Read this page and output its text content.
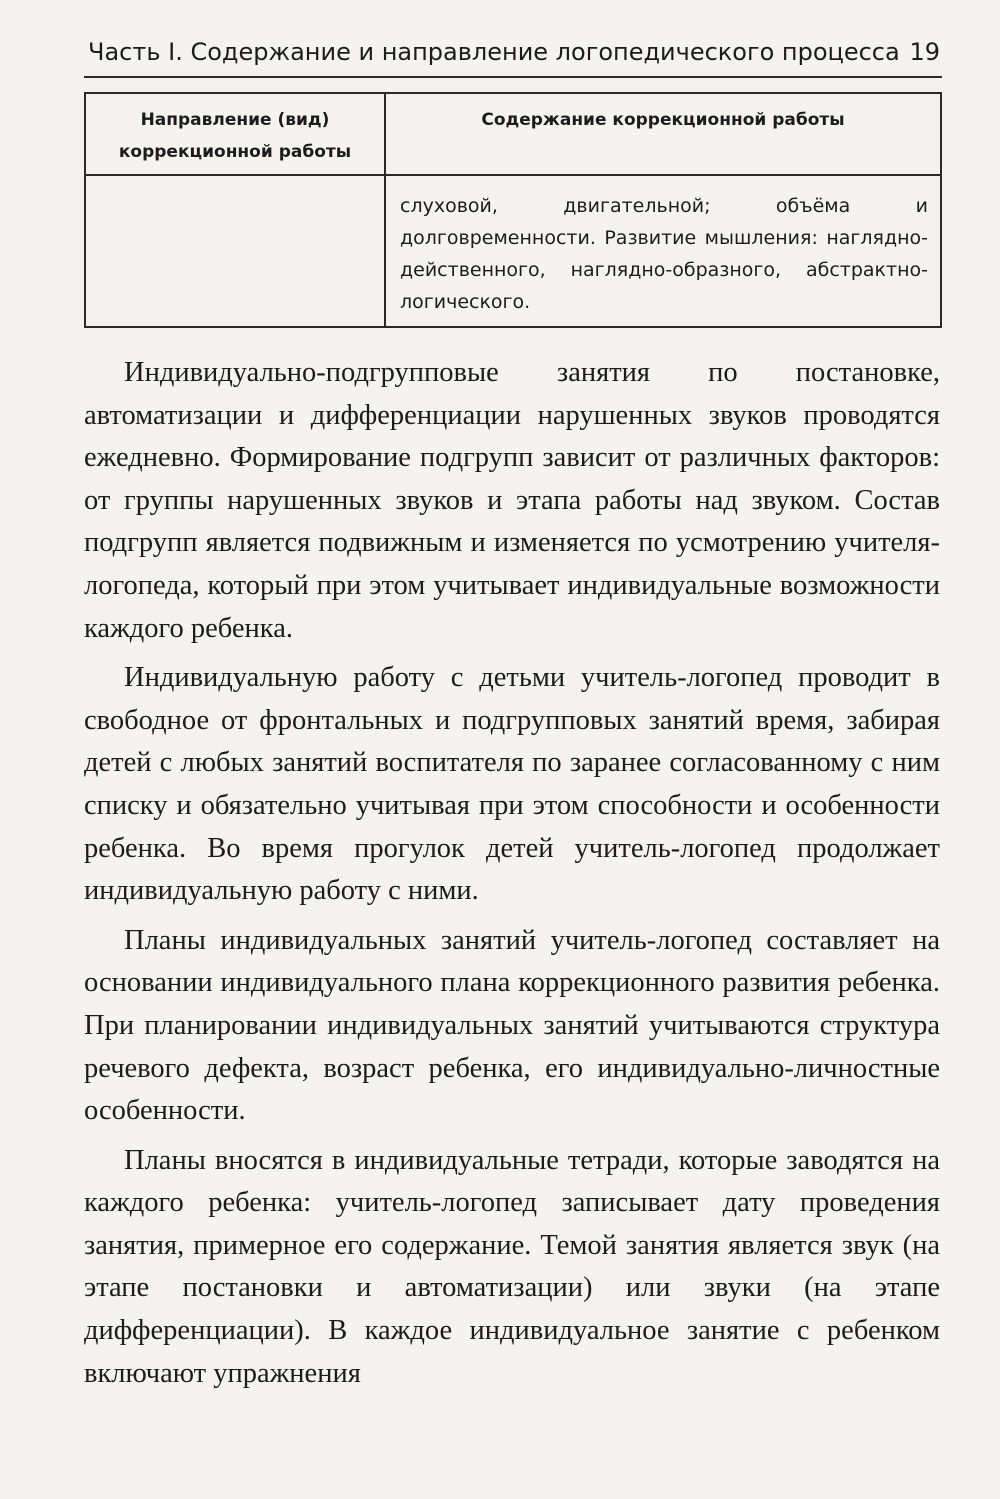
Часть I. Содержание и направление логопедического процесса 19
Направление (вид) коррекционной работы	Содержание коррекционной работы
	слуховой, двигательной; объёма и долговременности. Развитие мышления: наглядно-действенного, наглядно-образного, абстрактно-логического.

Индивидуально-подгрупповые занятия по постановке, автоматизации и дифференциации нарушенных звуков проводятся ежедневно. Формирование подгрупп зависит от различных факторов: от группы нарушенных звуков и этапа работы над звуком. Состав подгрупп является подвижным и изменяется по усмотрению учителя-логопеда, который при этом учитывает индивидуальные возможности каждого ребенка.

Индивидуальную работу с детьми учитель-логопед проводит в свободное от фронтальных и подгрупповых занятий время, забирая детей с любых занятий воспитателя по заранее согласованному с ним списку и обязательно учитывая при этом способности и особенности ребенка. Во время прогулок детей учитель-логопед продолжает индивидуальную работу с ними.

Планы индивидуальных занятий учитель-логопед составляет на основании индивидуального плана коррекционного развития ребенка. При планировании индивидуальных занятий учитываются структура речевого дефекта, возраст ребенка, его индивидуально-личностные особенности.

Планы вносятся в индивидуальные тетради, которые заводятся на каждого ребенка: учитель-логопед записывает дату проведения занятия, примерное его содержание. Темой занятия является звук (на этапе постановки и автоматизации) или звуки (на этапе дифференциации). В каждое индивидуальное занятие с ребенком включают упражнения
